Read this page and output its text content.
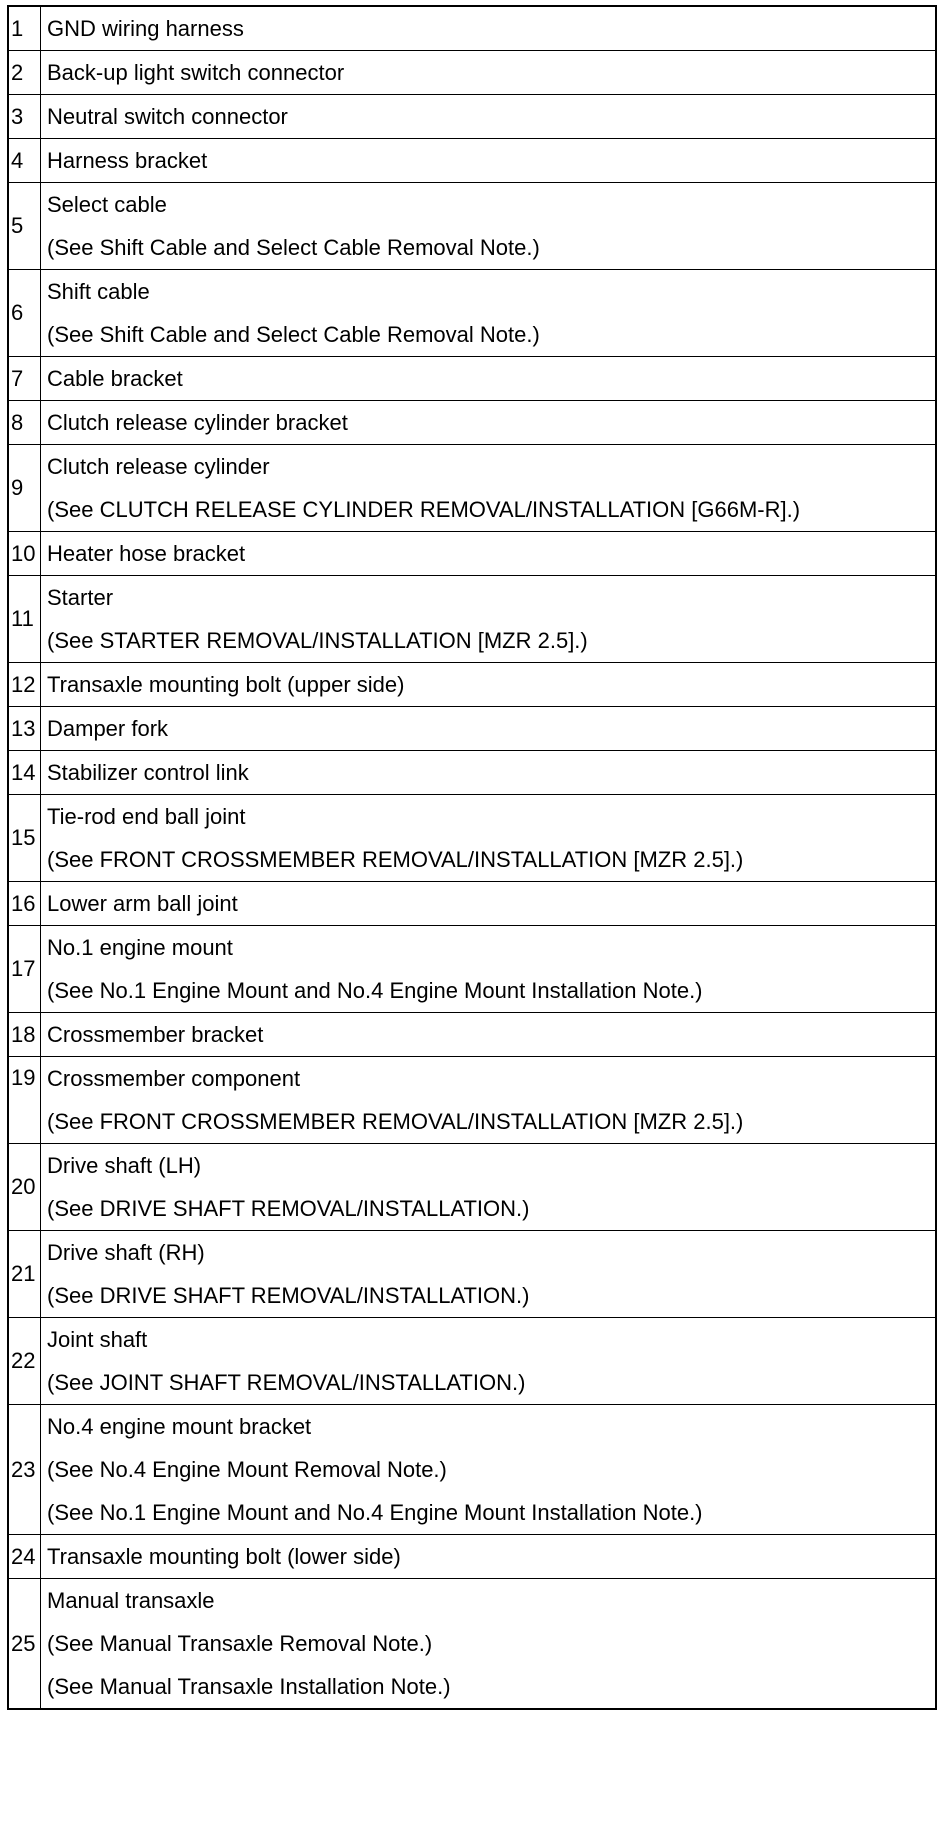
1	GND wiring harness

2	Back-up light switch connector

3	Neutral switch connector

4	Harness bracket

5	Select cable
(See Shift Cable and Select Cable Removal Note.)

6	Shift cable
(See Shift Cable and Select Cable Removal Note.)

7	Cable bracket

8	Clutch release cylinder bracket

9	Clutch release cylinder
(See CLUTCH RELEASE CYLINDER REMOVAL/INSTALLATION [G66M-R].)

10	Heater hose bracket

11	Starter
(See STARTER REMOVAL/INSTALLATION [MZR 2.5].)

12	Transaxle mounting bolt (upper side)

13	Damper fork

14	Stabilizer control link

15	Tie-rod end ball joint
(See FRONT CROSSMEMBER REMOVAL/INSTALLATION [MZR 2.5].)

16	Lower arm ball joint

17	No.1 engine mount
(See No.1 Engine Mount and No.4 Engine Mount Installation Note.)

18	Crossmember bracket

19	Crossmember component
(See FRONT CROSSMEMBER REMOVAL/INSTALLATION [MZR 2.5].)

20	Drive shaft (LH)
(See DRIVE SHAFT REMOVAL/INSTALLATION.)

21	Drive shaft (RH)
(See DRIVE SHAFT REMOVAL/INSTALLATION.)

22	Joint shaft
(See JOINT SHAFT REMOVAL/INSTALLATION.)

23	No.4 engine mount bracket
(See No.4 Engine Mount Removal Note.)
(See No.1 Engine Mount and No.4 Engine Mount Installation Note.)

24	Transaxle mounting bolt (lower side)

25	Manual transaxle
(See Manual Transaxle Removal Note.)
(See Manual Transaxle Installation Note.)
